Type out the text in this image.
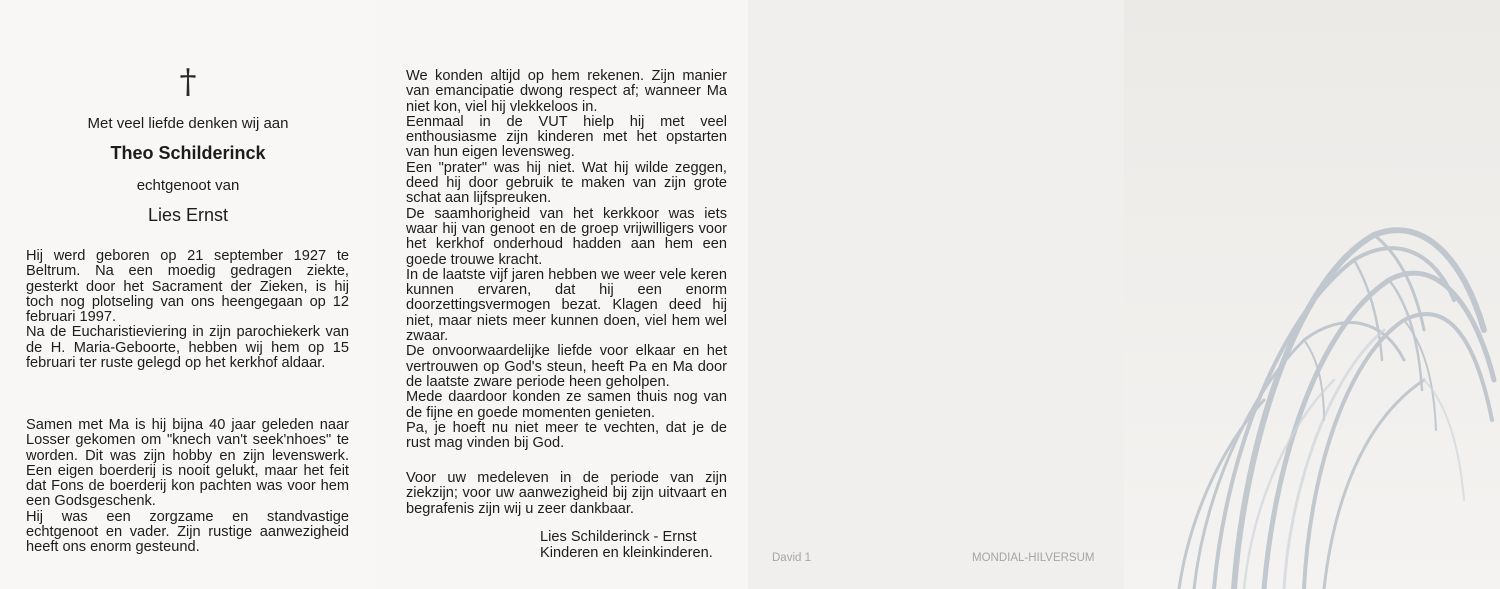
†
Met veel liefde denken wij aan
Theo Schilderinck
echtgenoot van
Lies Ernst

Hij werd geboren op 21 september 1927 te Beltrum. Na een moedig gedragen ziekte, gesterkt door het Sacrament der Zieken, is hij toch nog plotseling van ons heengegaan op 12 februari 1997.

Na de Eucharistieviering in zijn parochiekerk van de H. Maria-Geboorte, hebben wij hem op 15 februari ter ruste gelegd op het kerkhof aldaar.

Samen met Ma is hij bijna 40 jaar geleden naar Losser gekomen om "knech van't seek'nhoes" te worden. Dit was zijn hobby en zijn levenswerk. Een eigen boerderij is nooit gelukt, maar het feit dat Fons de boerderij kon pachten was voor hem een Godsgeschenk.

Hij was een zorgzame en standvastige echtgenoot en vader. Zijn rustige aanwezigheid heeft ons enorm gesteund.

We konden altijd op hem rekenen. Zijn manier van emancipatie dwong respect af; wanneer Ma niet kon, viel hij vlekkeloos in.

Eenmaal in de VUT hielp hij met veel enthousiasme zijn kinderen met het opstarten van hun eigen levensweg.

Een "prater" was hij niet. Wat hij wilde zeggen, deed hij door gebruik te maken van zijn grote schat aan lijfspreuken.

De saamhorigheid van het kerkkoor was iets waar hij van genoot en de groep vrijwilligers voor het kerkhof onderhoud hadden aan hem een goede trouwe kracht.

In de laatste vijf jaren hebben we weer vele keren kunnen ervaren, dat hij een enorm doorzettingsvermogen bezat. Klagen deed hij niet, maar niets meer kunnen doen, viel hem wel zwaar.

De onvoorwaardelijke liefde voor elkaar en het vertrouwen op God's steun, heeft Pa en Ma door de laatste zware periode heen geholpen.

Mede daardoor konden ze samen thuis nog van de fijne en goede momenten genieten.

Pa, je hoeft nu niet meer te vechten, dat je de rust mag vinden bij God.

Voor uw medeleven in de periode van zijn ziekzijn; voor uw aanwezigheid bij zijn uitvaart en begrafenis zijn wij u zeer dankbaar.

Lies Schilderinck - Ernst
Kinderen en kleinkinderen.	David 1	MONDIAL-HILVERSUM
